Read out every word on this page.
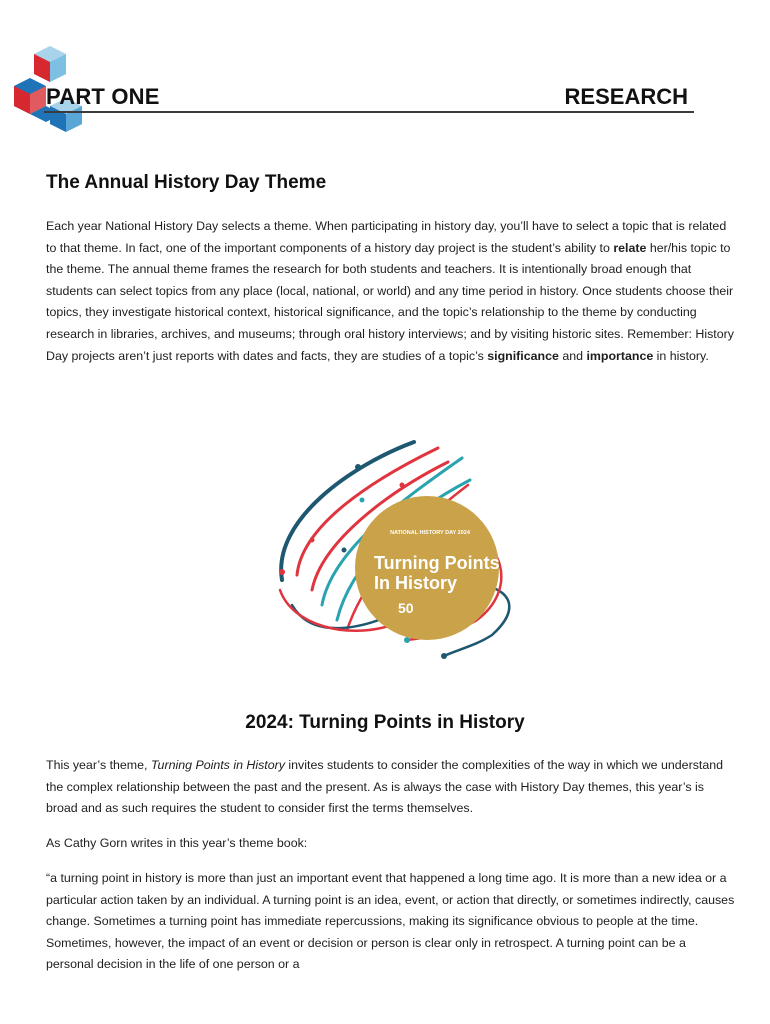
PART ONE	RESEARCH
The Annual History Day Theme
Each year National History Day selects a theme. When participating in history day, you’ll have to select a topic that is related to that theme. In fact, one of the important components of a history day project is the student’s ability to relate her/his topic to the theme. The annual theme frames the research for both students and teachers. It is intentionally broad enough that students can select topics from any place (local, national, or world) and any time period in history. Once students choose their topics, they investigate historical context, historical significance, and the topic’s relationship to the theme by conducting research in libraries, archives, and museums; through oral history interviews; and by visiting historic sites. Remember: History Day projects aren’t just reports with dates and facts, they are studies of a topic’s significance and importance in history.
NATIONAL HISTORY DAY 2024
Turning Points
In History
50
2024: Turning Points in History
This year’s theme, Turning Points in History invites students to consider the complexities of the way in which we understand the complex relationship between the past and the present. As is always the case with History Day themes, this year’s is broad and as such requires the student to consider first the terms themselves.
As Cathy Gorn writes in this year’s theme book:
“a turning point in history is more than just an important event that happened a long time ago. It is more than a new idea or a particular action taken by an individual. A turning point is an idea, event, or action that directly, or sometimes indirectly, causes change. Sometimes a turning point has immediate repercussions, making its significance obvious to people at the time. Sometimes, however, the impact of an event or decision or person is clear only in retrospect. A turning point can be a personal decision in the life of one person or a
